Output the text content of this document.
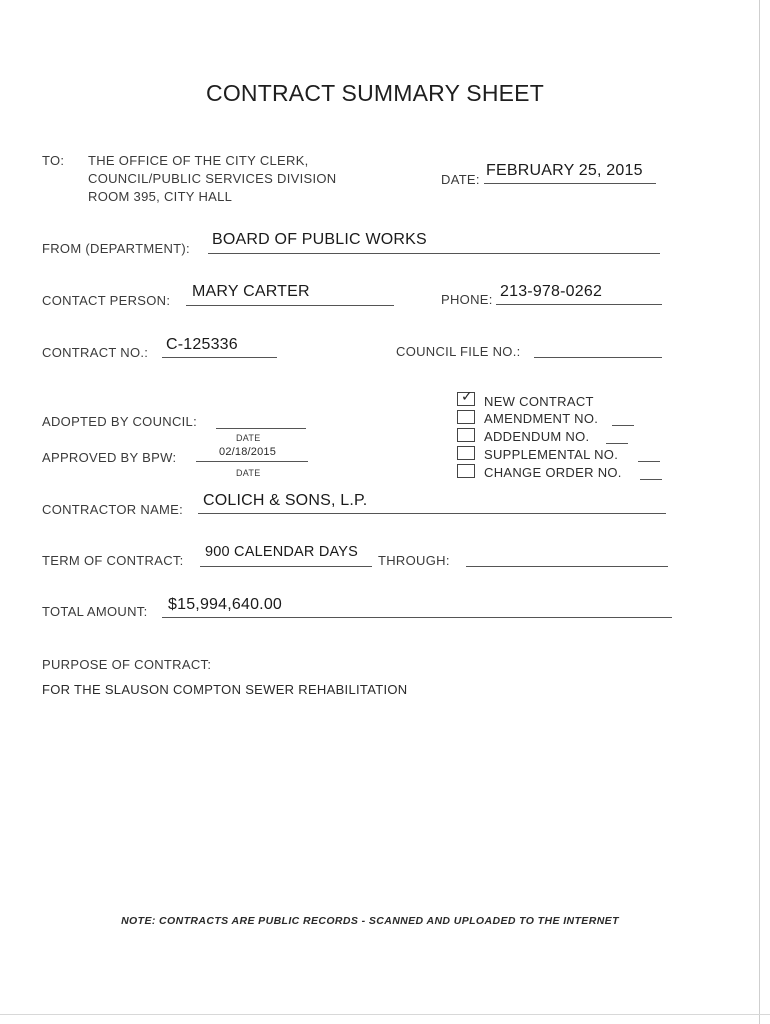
CONTRACT SUMMARY SHEET
TO: THE OFFICE OF THE CITY CLERK,
COUNCIL/PUBLIC SERVICES DIVISION
ROOM 395, CITY HALL
DATE:
FEBRUARY 25, 2015
FROM (DEPARTMENT):
BOARD OF PUBLIC WORKS
CONTACT PERSON:
MARY CARTER	PHONE: 213-978-0262
CONTRACT NO.: C-125336	COUNCIL FILE NO.:
ADOPTED BY COUNCIL:
DATE
APPROVED BY BPW:	02/18/2015
DATE
✓ NEW CONTRACT
AMENDMENT NO.
ADDENDUM NO.
SUPPLEMENTAL NO.
CHANGE ORDER NO.
CONTRACTOR NAME:
COLICH & SONS, L.P.
TERM OF CONTRACT:
900 CALENDAR DAYS
THROUGH:
TOTAL AMOUNT: $15,994,640.00
PURPOSE OF CONTRACT:
FOR THE SLAUSON COMPTON SEWER REHABILITATION
NOTE: CONTRACTS ARE PUBLIC RECORDS - SCANNED AND UPLOADED TO THE INTERNET
